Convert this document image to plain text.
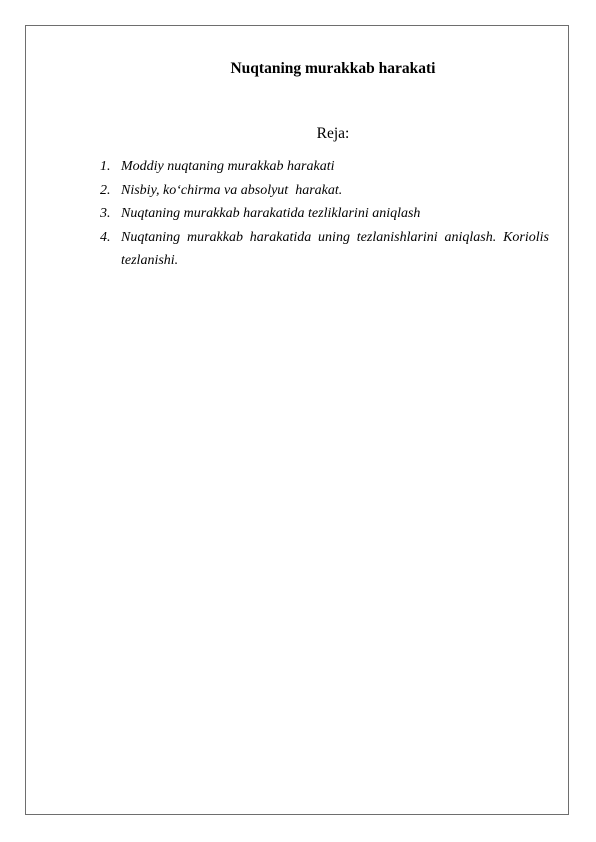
Nuqtaning murakkab harakati

Reja:

1. Moddiy nuqtaning murakkab harakati
2. Nisbiy, ko‘chirma va absolyut  harakat.
3. Nuqtaning murakkab harakatida tezliklarini aniqlash
4. Nuqtaning murakkab harakatida uning tezlanishlarini aniqlash. Koriolis tezlanishi.
